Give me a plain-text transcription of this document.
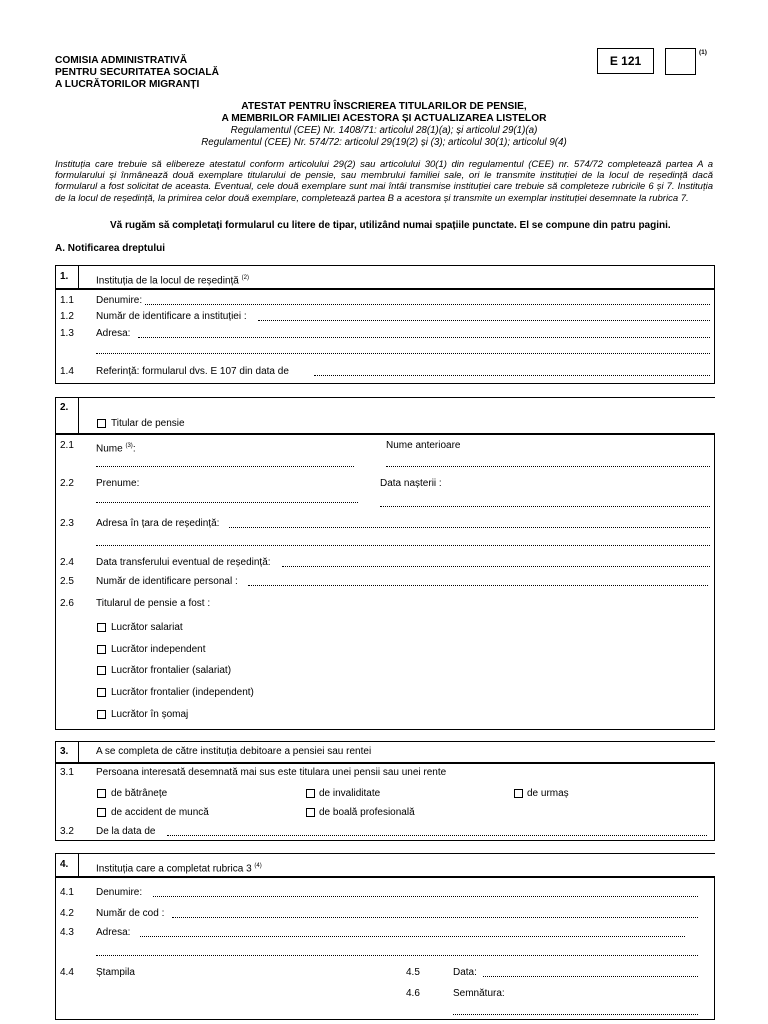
COMISIA ADMINISTRATIVĂ
PENTRU SECURITATEA SOCIALĂ
A LUCRĂTORILOR MIGRANȚI
E 121
(1)
ATESTAT PENTRU ÎNSCRIEREA TITULARILOR DE PENSIE,
A MEMBRILOR FAMILIEI ACESTORA ȘI ACTUALIZAREA LISTELOR
Regulamentul (CEE) Nr. 1408/71: articolul 28(1)(a); și articolul 29(1)(a)
Regulamentul (CEE) Nr. 574/72: articolul 29(19(2) și (3); articolul 30(1); articolul 9(4)
Instituția care trebuie să elibereze atestatul conform articolului 29(2) sau articolului 30(1) din regulamentul (CEE) nr. 574/72 completează partea A a formularului și înmânează două exemplare titularului de pensie, sau membrului familiei sale, ori le transmite instituției de la locul de reședință dacă formularul a fost solicitat de aceasta. Eventual, cele două exemplare sunt mai întâi transmise instituției care trebuie să completeze rubricile 6 și 7. Instituția de la locul de reședință, la primirea celor două exemplare, completează partea B a acestora și transmite un exemplar instituției desemnate la rubrica 7.
Vă rugăm să completați formularul cu litere de tipar, utilizând numai spațiile punctate. El se compune din patru pagini.
A. Notificarea dreptului
1.	Instituția de la locul de reședință $^{(2)}$
1.1 Denumire:
1.2 Număr de identificare a instituției :
1.3 Adresa:
1.4 Referință: formularul dvs. E 107 din data de
2.
Titular de pensie
2.1 Nume $^{(3)}$:	Nume anterioare
2.2 Prenume:	Data nașterii :
2.3 Adresa în țara de reședință:
2.4 Data transferului eventual de reședință:
2.5 Număr de identificare personal :
2.6 Titularul de pensie a fost :
Lucrător salariat
Lucrător independent
Lucrător frontalier (salariat)
Lucrător frontalier (independent)
Lucrător în șomaj
3.	A se completa de către instituția debitoare a pensiei sau rentei
3.1 Persoana interesată desemnată mai sus este titulara unei pensii sau unei rente
de bătrânețe	de invaliditate	de urmaș
de accident de muncă	de boală profesională
3.2 De la data de
4.	Instituția care a completat rubrica 3 $^{(4)}$
4.1 Denumire:
4.2 Număr de cod :
4.3 Adresa:
4.4 Ștampila	4.5	Data:
4.6	Semnătura:
